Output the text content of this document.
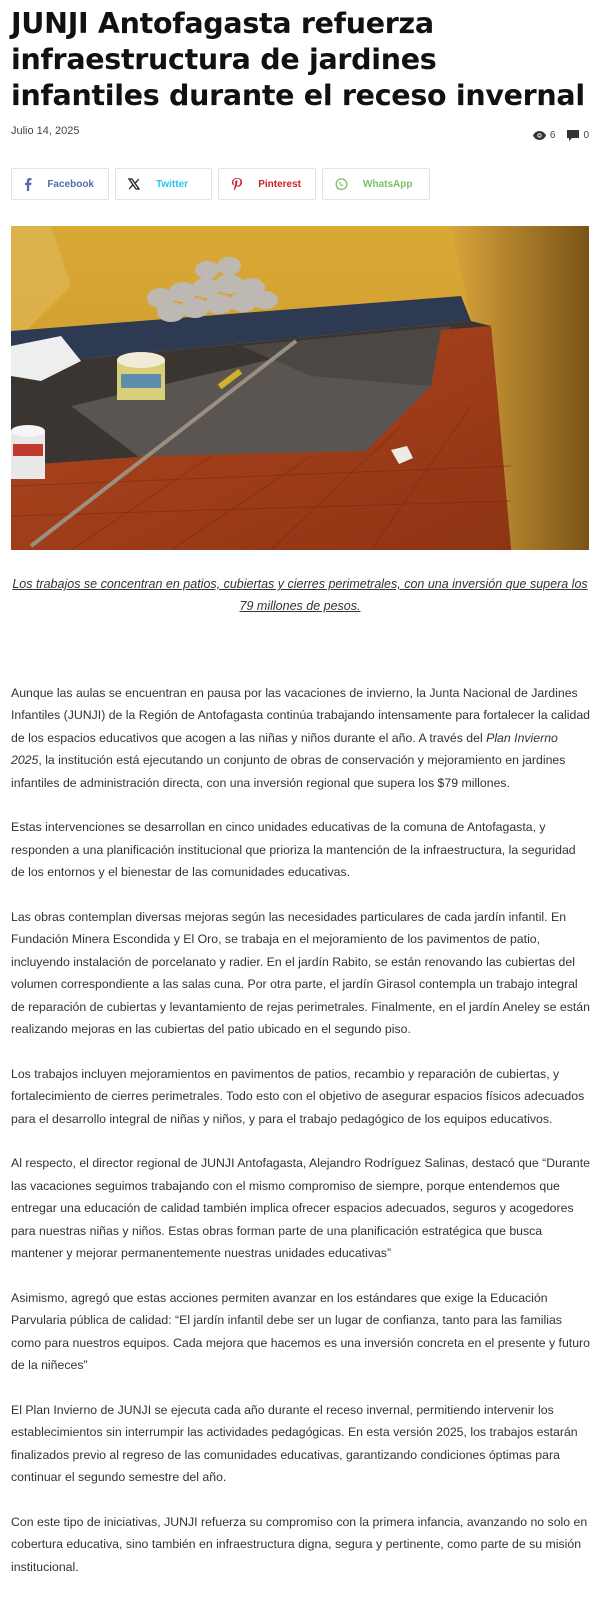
JUNJI Antofagasta refuerza infraestructura de jardines infantiles durante el receso invernal
Julio 14, 2025	6	0
Facebook	Twitter	Pinterest	WhatsApp

Los trabajos se concentran en patios, cubiertas y cierres perimetrales, con una inversión que supera los 79 millones de pesos.

Aunque las aulas se encuentran en pausa por las vacaciones de invierno, la Junta Nacional de Jardines Infantiles (JUNJI) de la Región de Antofagasta continúa trabajando intensamente para fortalecer la calidad de los espacios educativos que acogen a las niñas y niños durante el año. A través del Plan Invierno 2025, la institución está ejecutando un conjunto de obras de conservación y mejoramiento en jardines infantiles de administración directa, con una inversión regional que supera los $79 millones.

Estas intervenciones se desarrollan en cinco unidades educativas de la comuna de Antofagasta, y responden a una planificación institucional que prioriza la mantención de la infraestructura, la seguridad de los entornos y el bienestar de las comunidades educativas.

Las obras contemplan diversas mejoras según las necesidades particulares de cada jardín infantil. En Fundación Minera Escondida y El Oro, se trabaja en el mejoramiento de los pavimentos de patio, incluyendo instalación de porcelanato y radier. En el jardín Rabito, se están renovando las cubiertas del volumen correspondiente a las salas cuna. Por otra parte, el jardín Girasol contempla un trabajo integral de reparación de cubiertas y levantamiento de rejas perimetrales. Finalmente, en el jardín Aneley se están realizando mejoras en las cubiertas del patio ubicado en el segundo piso.

Los trabajos incluyen mejoramientos en pavimentos de patios, recambio y reparación de cubiertas, y fortalecimiento de cierres perimetrales. Todo esto con el objetivo de asegurar espacios físicos adecuados para el desarrollo integral de niñas y niños, y para el trabajo pedagógico de los equipos educativos.

Al respecto, el director regional de JUNJI Antofagasta, Alejandro Rodríguez Salinas, destacó que “Durante las vacaciones seguimos trabajando con el mismo compromiso de siempre, porque entendemos que entregar una educación de calidad también implica ofrecer espacios adecuados, seguros y acogedores para nuestras niñas y niños. Estas obras forman parte de una planificación estratégica que busca mantener y mejorar permanentemente nuestras unidades educativas”

Asimismo, agregó que estas acciones permiten avanzar en los estándares que exige la Educación Parvularia pública de calidad: “El jardín infantil debe ser un lugar de confianza, tanto para las familias como para nuestros equipos. Cada mejora que hacemos es una inversión concreta en el presente y futuro de la niñeces”

El Plan Invierno de JUNJI se ejecuta cada año durante el receso invernal, permitiendo intervenir los establecimientos sin interrumpir las actividades pedagógicas. En esta versión 2025, los trabajos estarán finalizados previo al regreso de las comunidades educativas, garantizando condiciones óptimas para continuar el segundo semestre del año.

Con este tipo de iniciativas, JUNJI refuerza su compromiso con la primera infancia, avanzando no solo en cobertura educativa, sino también en infraestructura digna, segura y pertinente, como parte de su misión institucional.
